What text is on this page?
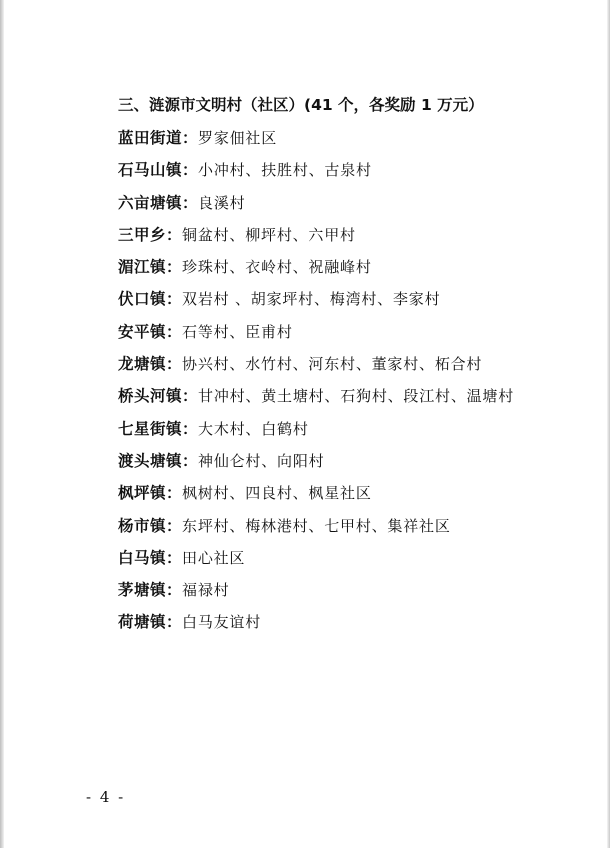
三、涟源市文明村（社区）(41 个，各奖励 1 万元）
蓝田街道：罗家佃社区
石马山镇：小冲村、扶胜村、古泉村
六亩塘镇：良溪村
三甲乡：铜盆村、柳坪村、六甲村
湄江镇：珍珠村、衣岭村、祝融峰村
伏口镇：双岩村 、胡家坪村、梅湾村、李家村
安平镇：石等村、臣甫村
龙塘镇：协兴村、水竹村、河东村、董家村、柘合村
桥头河镇：甘冲村、黄土塘村、石狗村、段江村、温塘村
七星街镇：大木村、白鹤村
渡头塘镇：神仙仑村、向阳村
枫坪镇：枫树村、四良村、枫星社区
杨市镇：东坪村、梅林港村、七甲村、集祥社区
白马镇：田心社区
茅塘镇：福禄村
荷塘镇：白马友谊村
- 4 -
